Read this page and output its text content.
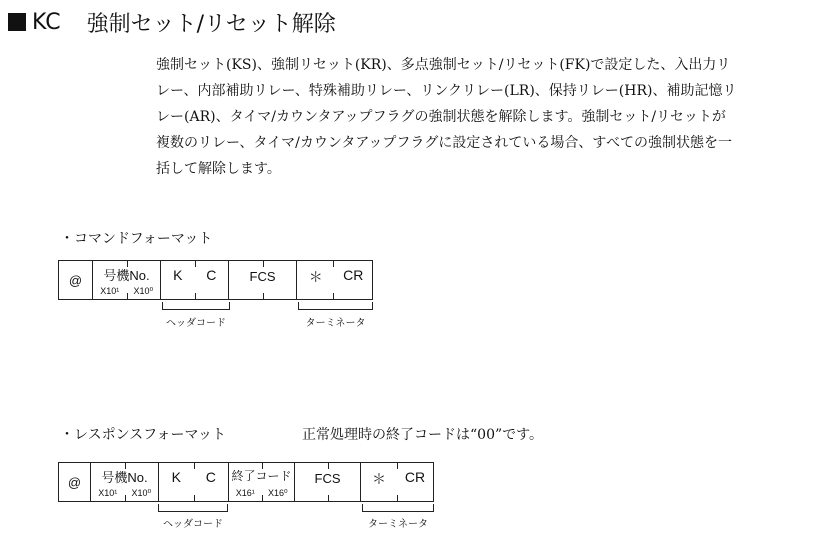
KC 強制セット/リセット解除

強制セット(KS)、強制リセット(KR)、多点強制セット/リセット(FK)で設定した、入出力リ

レー、内部補助リレー、特殊補助リレー、リンクリレー(LR)、保持リレー(HR)、補助記憶リ

レー(AR)、タイマ/カウンタアップフラグの強制状態を解除します。強制セット/リセットが

複数のリレー、タイマ/カウンタアップフラグに設定されている場合、すべての強制状態を一

括して解除します。

・コマンドフォーマット
@	号機No.
X10¹	X10⁰
K	C	FCS	＊	CR
ヘッダコード	ターミネータ
・レスポンスフォーマット	正常処理時の終了コードは“00”です。
@	号機No.
X10¹	X10⁰
K	C	終了コード
X16¹	X16⁰
FCS	＊	CR
ヘッダコード	ターミネータ
